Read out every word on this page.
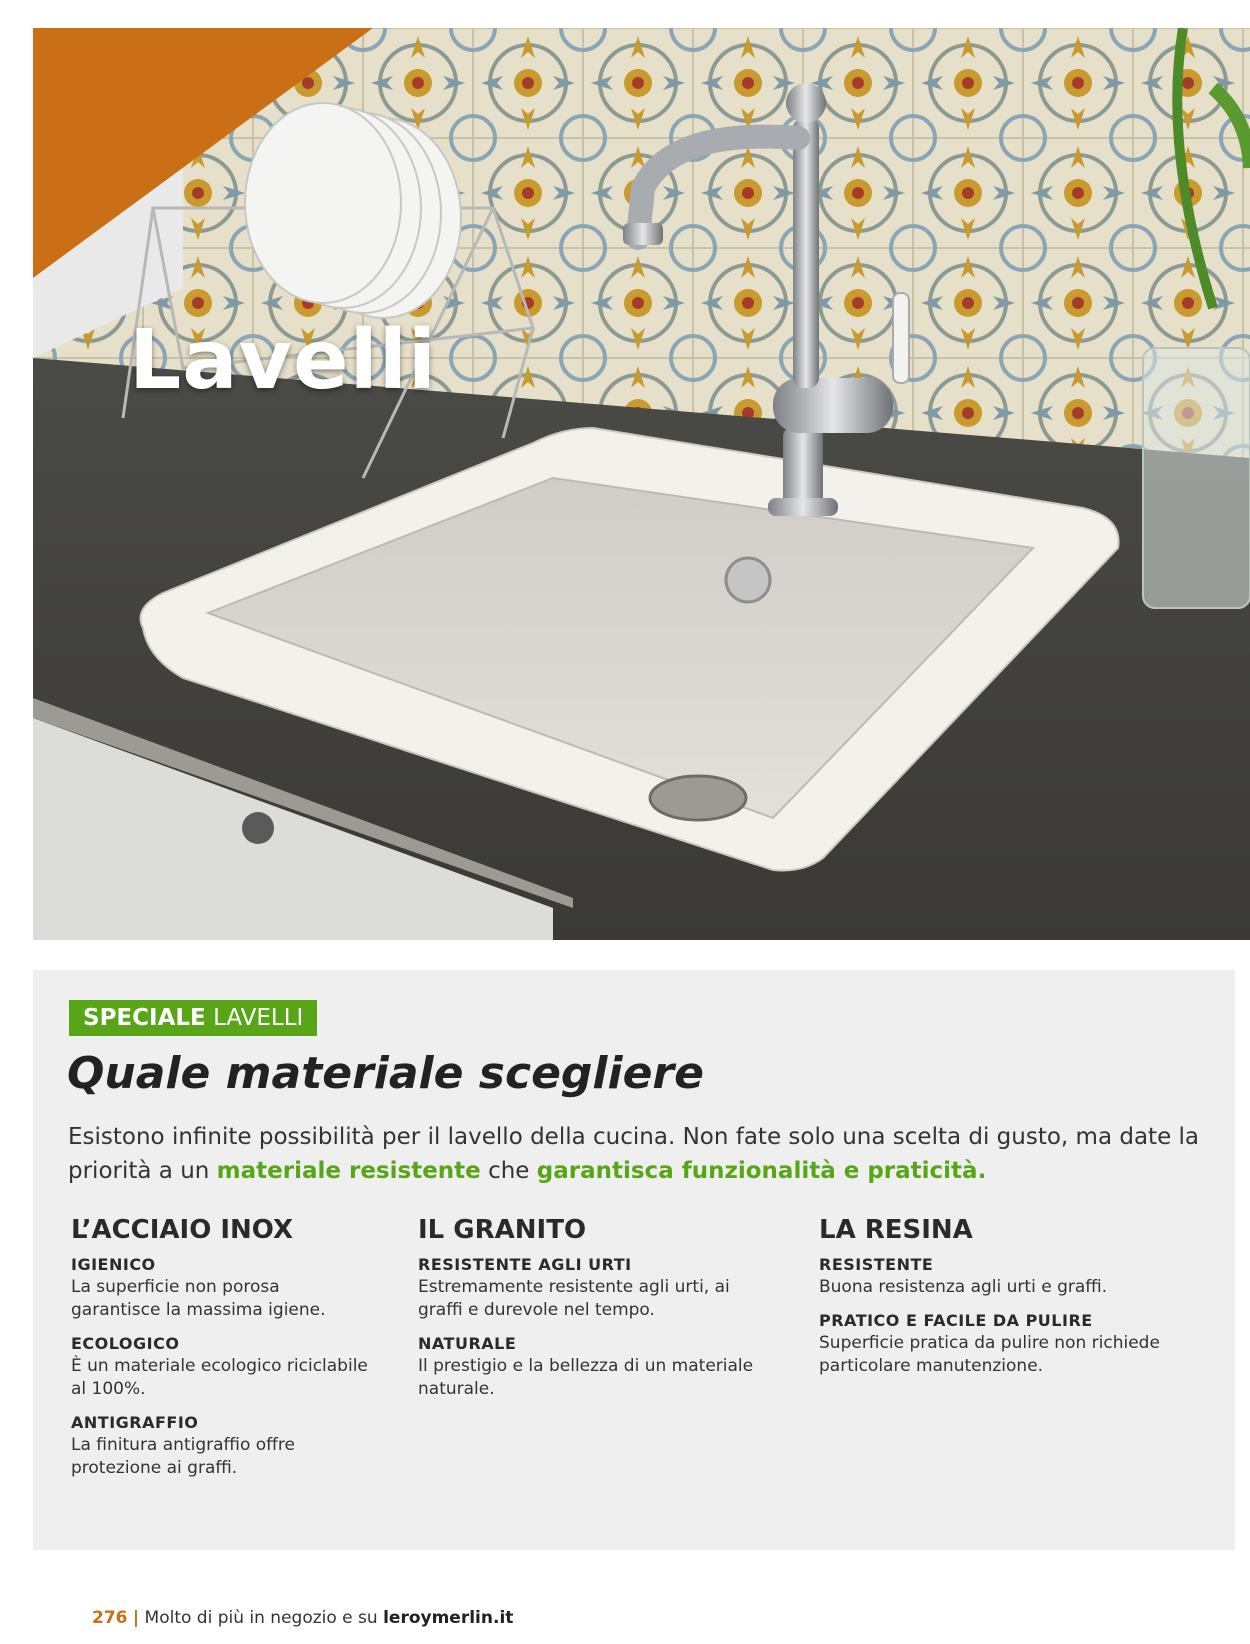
Lavelli
SPECIALE LAVELLI
Quale materiale scegliere
Esistono infinite possibilità per il lavello della cucina. Non fate solo una scelta di gusto, ma date la priorità a un materiale resistente che garantisca funzionalità e praticità.
L’ACCIAIO INOX
IGIENICO

La superficie non porosa garantisce la massima igiene.

ECOLOGICO

È un materiale ecologico riciclabile al 100%.

ANTIGRAFFIO

La finitura antigraffio offre protezione ai graffi.

IL GRANITO
RESISTENTE AGLI URTI

Estremamente resistente agli urti, ai graffi e durevole nel tempo.

NATURALE

Il prestigio e la bellezza di un materiale naturale.

LA RESINA
RESISTENTE

Buona resistenza agli urti e graffi.

PRATICO E FACILE DA PULIRE

Superficie pratica da pulire non richiede particolare manutenzione.

276 | Molto di più in negozio e su leroymerlin.it
